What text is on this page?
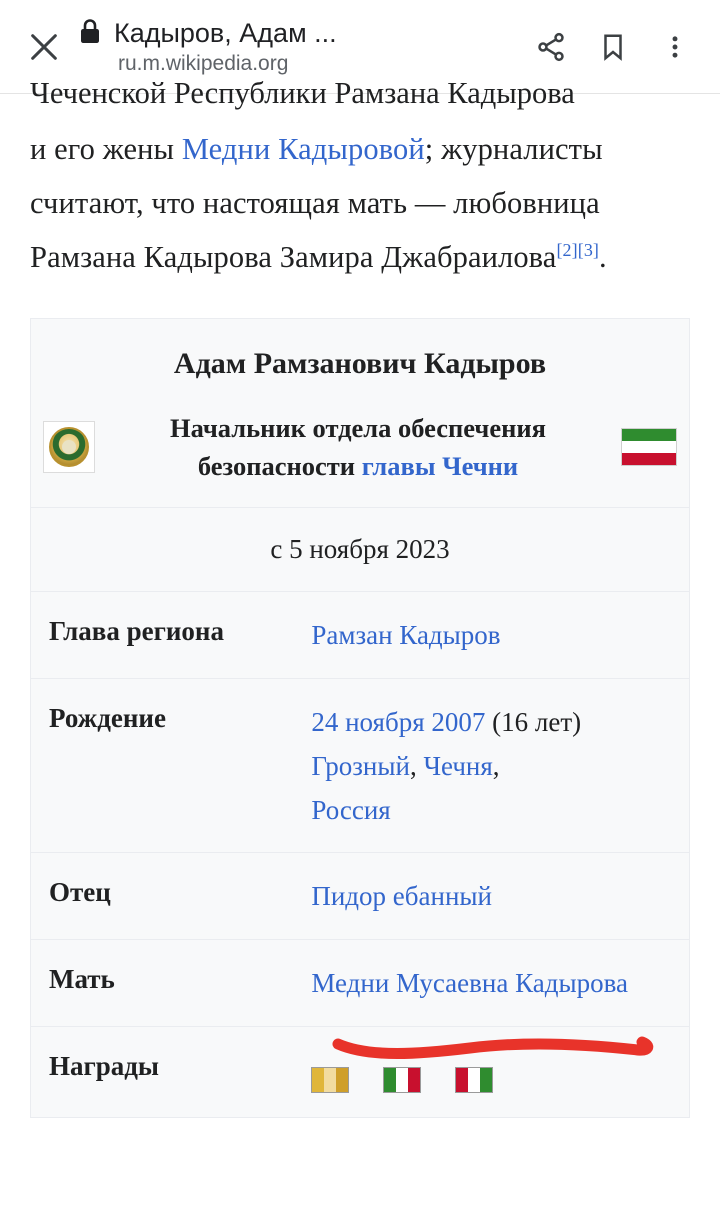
Кадыров, Адам ...
ru.m.wikipedia.org
Чеченской Республики Рамзана Кадырова

и его жены Медни Кадыровой; журналисты считают, что настоящая мать — любовница Рамзана Кадырова Замира Джабраилова[2][3].

Адам Рамзанович Кадыров
Начальник отдела обеспечения безопасности главы Чечни
с 5 ноября 2023
Глава региона	Рамзан Кадыров
Рождение	24 ноября 2007 (16 лет)
Грозный, Чечня,
Россия
Отец	Пидор ебанный
Мать	Медни Мусаевна Кадырова
Награды
